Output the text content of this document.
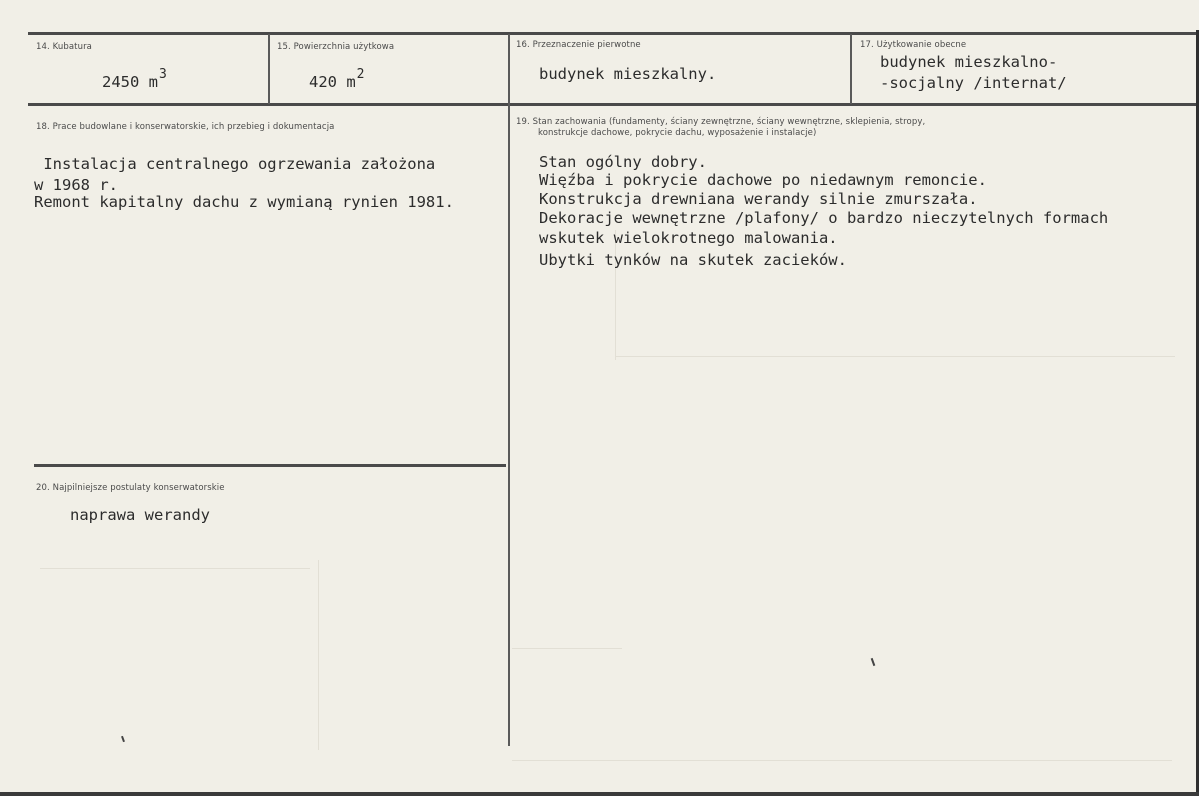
14. Kubatura
2450 $m^3$
15. Powierzchnia użytkowa
420 $m^2$
16. Przeznaczenie pierwotne
budynek mieszkalny.
17. Użytkowanie obecne
budynek mieszkalno-
-socjalny /internat/
18. Prace budowlane i konserwatorskie, ich przebieg i dokumentacja
Instalacja centralnego ogrzewania założona
w 1968 r.
Remont kapitalny dachu z wymianą rynien 1981.
19. Stan zachowania (fundamenty, ściany zewnętrzne, ściany wewnętrzne, sklepienia, stropy,
konstrukcje dachowe, pokrycie dachu, wyposażenie i instalacje)
Stan ogólny dobry.
Więźba i pokrycie dachowe po niedawnym remoncie.
Konstrukcja drewniana werandy silnie zmurszała.
Dekoracje wewnętrzne /plafony/ o bardzo nieczytelnych formach
wskutek wielokrotnego malowania.
Ubytki tynków na skutek zacieków.
20. Najpilniejsze postulaty konserwatorskie
naprawa werandy
